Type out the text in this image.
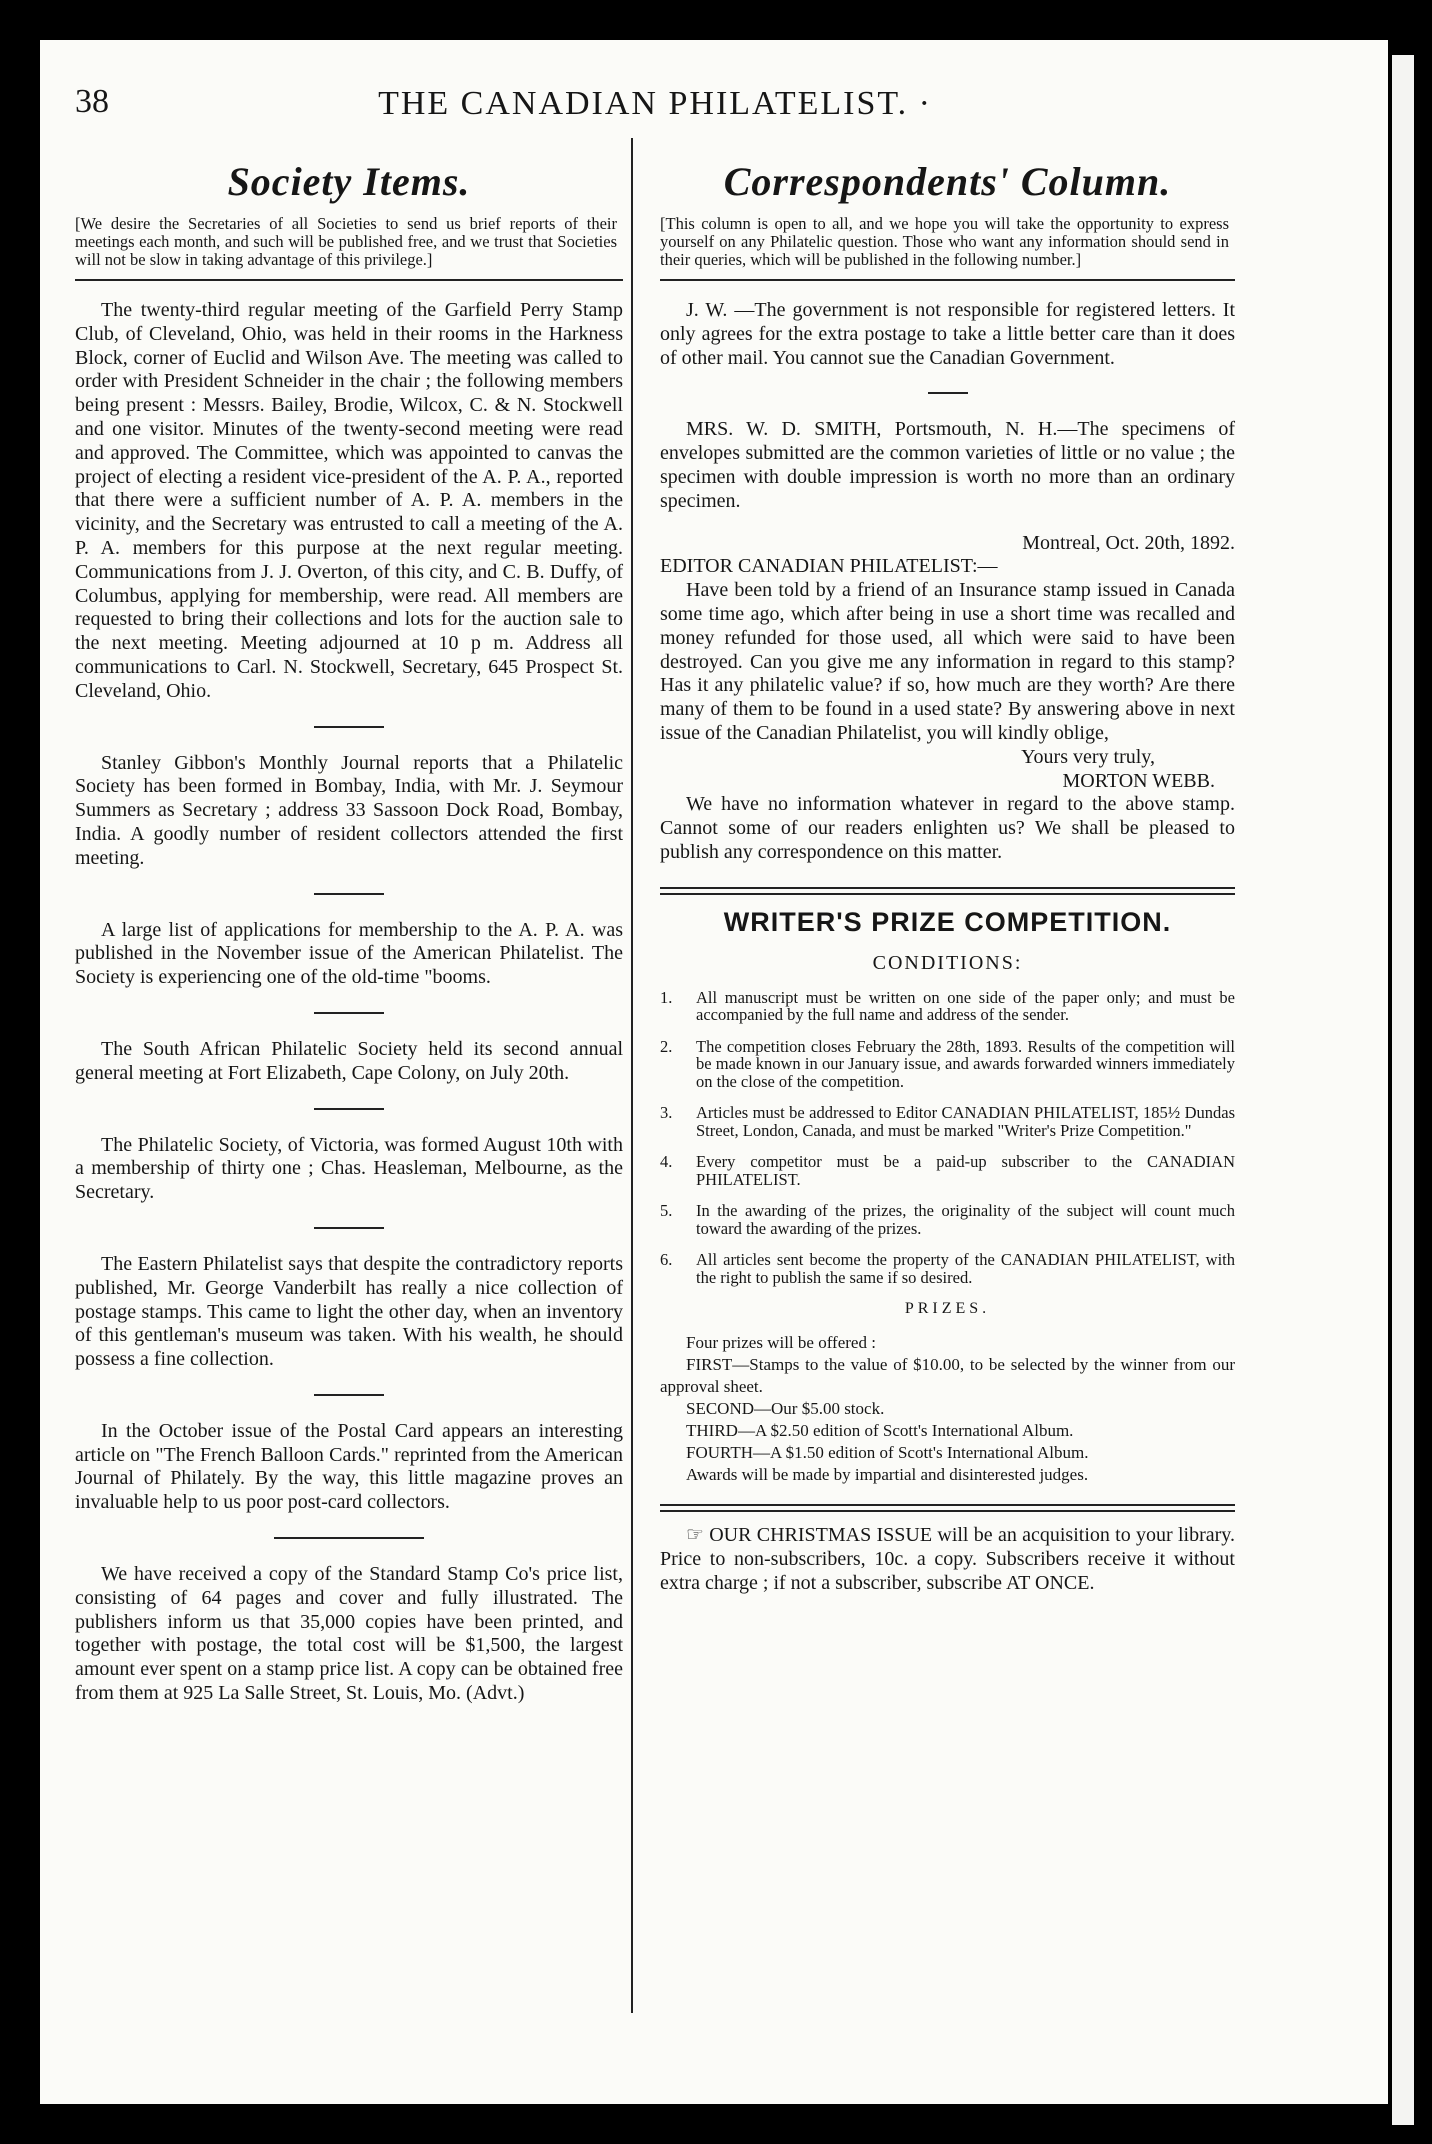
38	THE CANADIAN PHILATELIST. ·
Society Items.

[We desire the Secretaries of all Societies to send us brief reports of their meetings each month, and such will be published free, and we trust that Societies will not be slow in taking advantage of this privilege.]

The twenty-third regular meeting of the Garfield Perry Stamp Club, of Cleveland, Ohio, was held in their rooms in the Harkness Block, corner of Euclid and Wilson Ave. The meeting was called to order with President Schneider in the chair ; the following members being present : Messrs. Bailey, Brodie, Wilcox, C. & N. Stockwell and one visitor. Minutes of the twenty-second meeting were read and approved. The Committee, which was appointed to canvas the project of electing a resident vice-president of the A. P. A., reported that there were a sufficient number of A. P. A. members in the vicinity, and the Secretary was entrusted to call a meeting of the A. P. A. members for this purpose at the next regular meeting. Communications from J. J. Overton, of this city, and C. B. Duffy, of Columbus, applying for membership, were read. All members are requested to bring their collections and lots for the auction sale to the next meeting. Meeting adjourned at 10 p m. Address all communications to Carl. N. Stockwell, Secretary, 645 Prospect St. Cleveland, Ohio.

Stanley Gibbon's Monthly Journal reports that a Philatelic Society has been formed in Bombay, India, with Mr. J. Seymour Summers as Secretary ; address 33 Sassoon Dock Road, Bombay, India. A goodly number of resident collectors attended the first meeting.

A large list of applications for membership to the A. P. A. was published in the November issue of the American Philatelist. The Society is experiencing one of the old-time "booms.

The South African Philatelic Society held its second annual general meeting at Fort Elizabeth, Cape Colony, on July 20th.

The Philatelic Society, of Victoria, was formed August 10th with a membership of thirty one ; Chas. Heasleman, Melbourne, as the Secretary.

The Eastern Philatelist says that despite the contradictory reports published, Mr. George Vanderbilt has really a nice collection of postage stamps. This came to light the other day, when an inventory of this gentleman's museum was taken. With his wealth, he should possess a fine collection.

In the October issue of the Postal Card appears an interesting article on "The French Balloon Cards." reprinted from the American Journal of Philately. By the way, this little magazine proves an invaluable help to us poor post-card collectors.

We have received a copy of the Standard Stamp Co's price list, consisting of 64 pages and cover and fully illustrated. The publishers inform us that 35,000 copies have been printed, and together with postage, the total cost will be $1,500, the largest amount ever spent on a stamp price list. A copy can be obtained free from them at 925 La Salle Street, St. Louis, Mo. (Advt.)

Correspondents' Column.

[This column is open to all, and we hope you will take the opportunity to express yourself on any Philatelic question. Those who want any information should send in their queries, which will be published in the following number.]

J. W. —The government is not responsible for registered letters. It only agrees for the extra postage to take a little better care than it does of other mail. You cannot sue the Canadian Government.

MRS. W. D. SMITH, Portsmouth, N. H.—The specimens of envelopes submitted are the common varieties of little or no value ; the specimen with double impression is worth no more than an ordinary specimen.

Montreal, Oct. 20th, 1892.

EDITOR CANADIAN PHILATELIST:—

Have been told by a friend of an Insurance stamp issued in Canada some time ago, which after being in use a short time was recalled and money refunded for those used, all which were said to have been destroyed. Can you give me any information in regard to this stamp? Has it any philatelic value? if so, how much are they worth? Are there many of them to be found in a used state? By answering above in next issue of the Canadian Philatelist, you will kindly oblige,

Yours very truly,

MORTON WEBB.

We have no information whatever in regard to the above stamp. Cannot some of our readers enlighten us? We shall be pleased to publish any correspondence on this matter.

WRITER'S PRIZE COMPETITION.
CONDITIONS:
1.	All manuscript must be written on one side of the paper only; and must be accompanied by the full name and address of the sender.
2.	The competition closes February the 28th, 1893. Results of the competition will be made known in our January issue, and awards forwarded winners immediately on the close of the competition.
3.	Articles must be addressed to Editor CANADIAN PHILATELIST, 185½ Dundas Street, London, Canada, and must be marked "Writer's Prize Competition."
4.	Every competitor must be a paid-up subscriber to the CANADIAN PHILATELIST.
5.	In the awarding of the prizes, the originality of the subject will count much toward the awarding of the prizes.
6.	All articles sent become the property of the CANADIAN PHILATELIST, with the right to publish the same if so desired.
PRIZES.

Four prizes will be offered :

FIRST—Stamps to the value of $10.00, to be selected by the winner from our approval sheet.

SECOND—Our $5.00 stock.

THIRD—A $2.50 edition of Scott's International Album.

FOURTH—A $1.50 edition of Scott's International Album.

Awards will be made by impartial and disinterested judges.

☞ OUR CHRISTMAS ISSUE will be an acquisition to your library. Price to non-subscribers, 10c. a copy. Subscribers receive it without extra charge ; if not a subscriber, subscribe AT ONCE.
